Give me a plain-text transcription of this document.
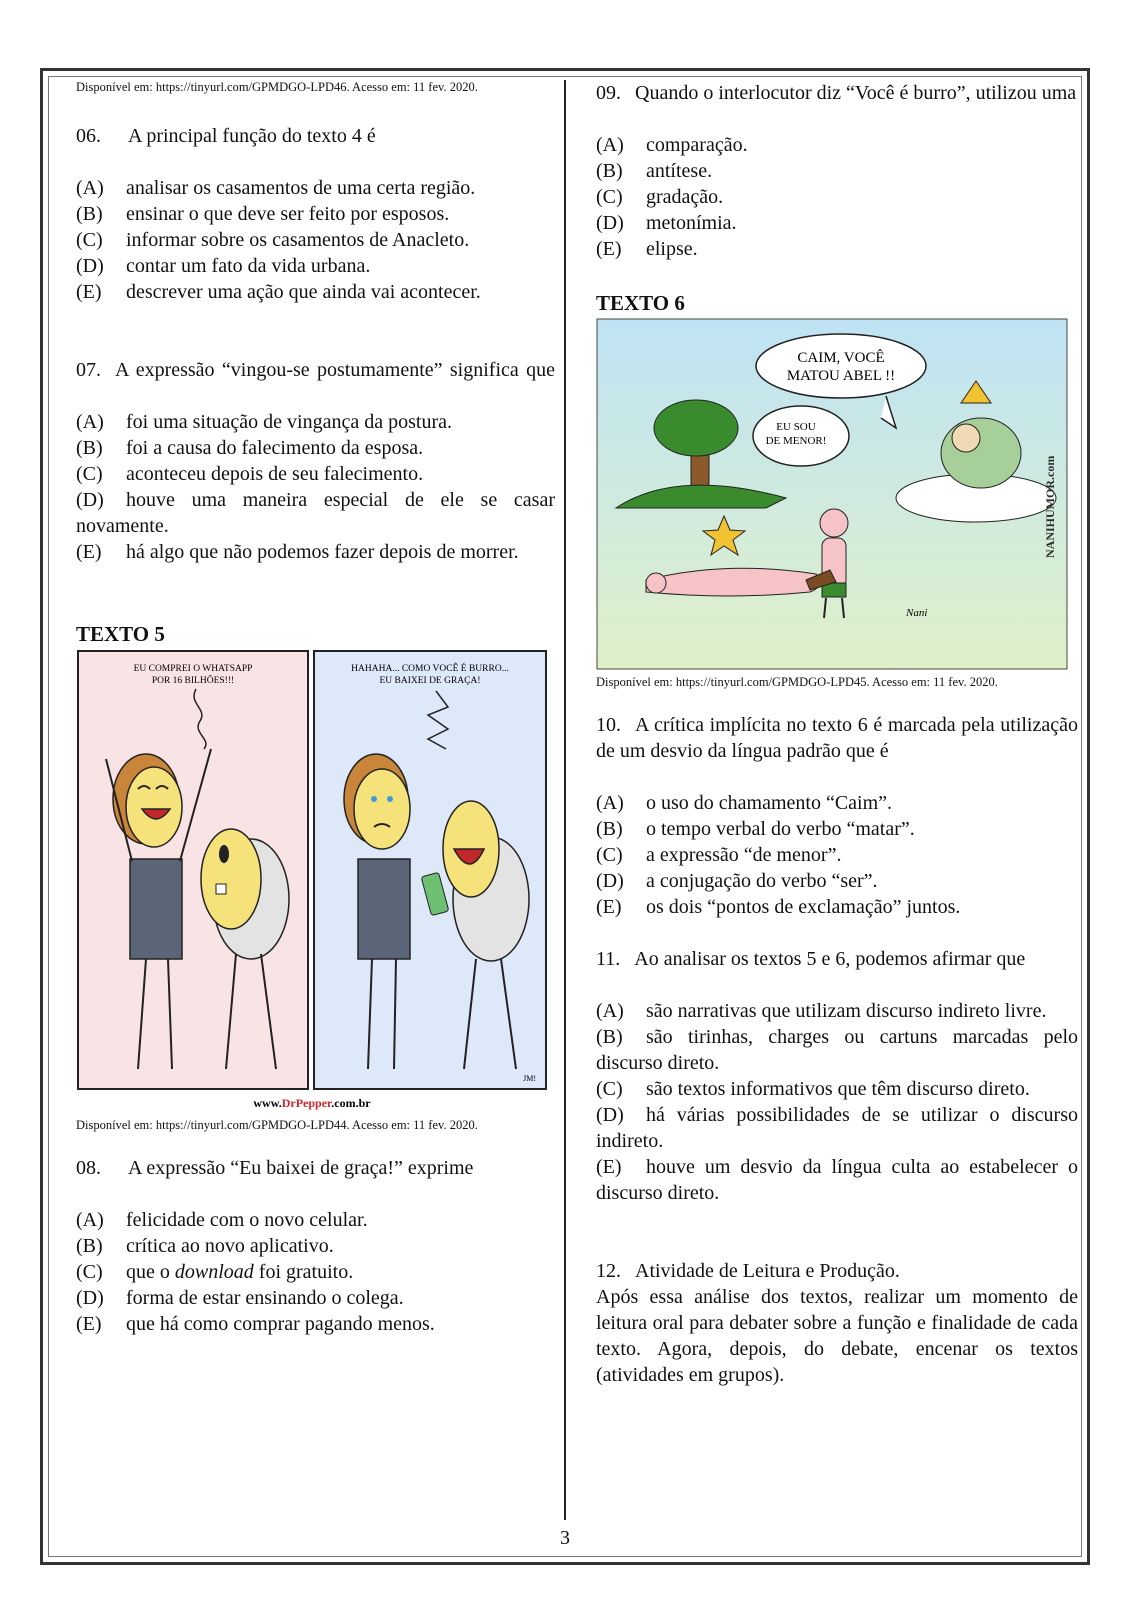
Disponível em: https://tinyurl.com/GPMDGO-LPD46. Acesso em: 11 fev. 2020.

06. A principal função do texto 4 é

(A)	analisar os casamentos de uma certa região.
(B)	ensinar o que deve ser feito por esposos.
(C)	informar sobre os casamentos de Anacleto.
(D)	contar um fato da vida urbana.
(E)	descrever uma ação que ainda vai acontecer.

07. A expressão “vingou-se postumamente” significa que

(A)	foi uma situação de vingança da postura.
(B)	foi a causa do falecimento da esposa.
(C)	aconteceu depois de seu falecimento.
(D) houve uma maneira especial de ele se casar novamente.
(E) há algo que não podemos fazer depois de morrer.
TEXTO 5
EU COMPREI O WHATSAPP
POR 16 BILHÕES!!!
HAHAHA... COMO VOCÊ É BURRO...
EU BAIXEI DE GRAÇA!
JM!
www.DrPepper.com.br

Disponível em: https://tinyurl.com/GPMDGO-LPD44. Acesso em: 11 fev. 2020.

08. A expressão “Eu baixei de graça!” exprime

(A)	felicidade com o novo celular.
(B)	crítica ao novo aplicativo.
(C)	que o download foi gratuito.
(D)	forma de estar ensinando o colega.
(E)	que há como comprar pagando menos.

09. Quando o interlocutor diz “Você é burro”, utilizou uma

(A)	comparação.
(B)	antítese.
(C)	gradação.
(D)	metonímia.
(E)	elipse.
TEXTO 6
CAIM, VOCÊ
MATOU ABEL !!
EU SOU
DE MENOR!
NANIHUMOR.com
Nani

Disponível em: https://tinyurl.com/GPMDGO-LPD45. Acesso em: 11 fev. 2020.

10. A crítica implícita no texto 6 é marcada pela utilização de um desvio da língua padrão que é

(A)	o uso do chamamento “Caim”.
(B)	o tempo verbal do verbo “matar”.
(C)	a expressão “de menor”.
(D)	a conjugação do verbo “ser”.
(E)	os dois “pontos de exclamação” juntos.

11. Ao analisar os textos 5 e 6, podemos afirmar que

(A) são narrativas que utilizam discurso indireto livre.
(B) são tirinhas, charges ou cartuns marcadas pelo discurso direto.
(C) são textos informativos que têm discurso direto.
(D) há várias possibilidades de se utilizar o discurso indireto.
(E) houve um desvio da língua culta ao estabelecer o discurso direto.

12. Atividade de Leitura e Produção.

Após essa análise dos textos, realizar um momento de leitura oral para debater sobre a função e finalidade de cada texto. Agora, depois, do debate, encenar os textos (atividades em grupos).

3
